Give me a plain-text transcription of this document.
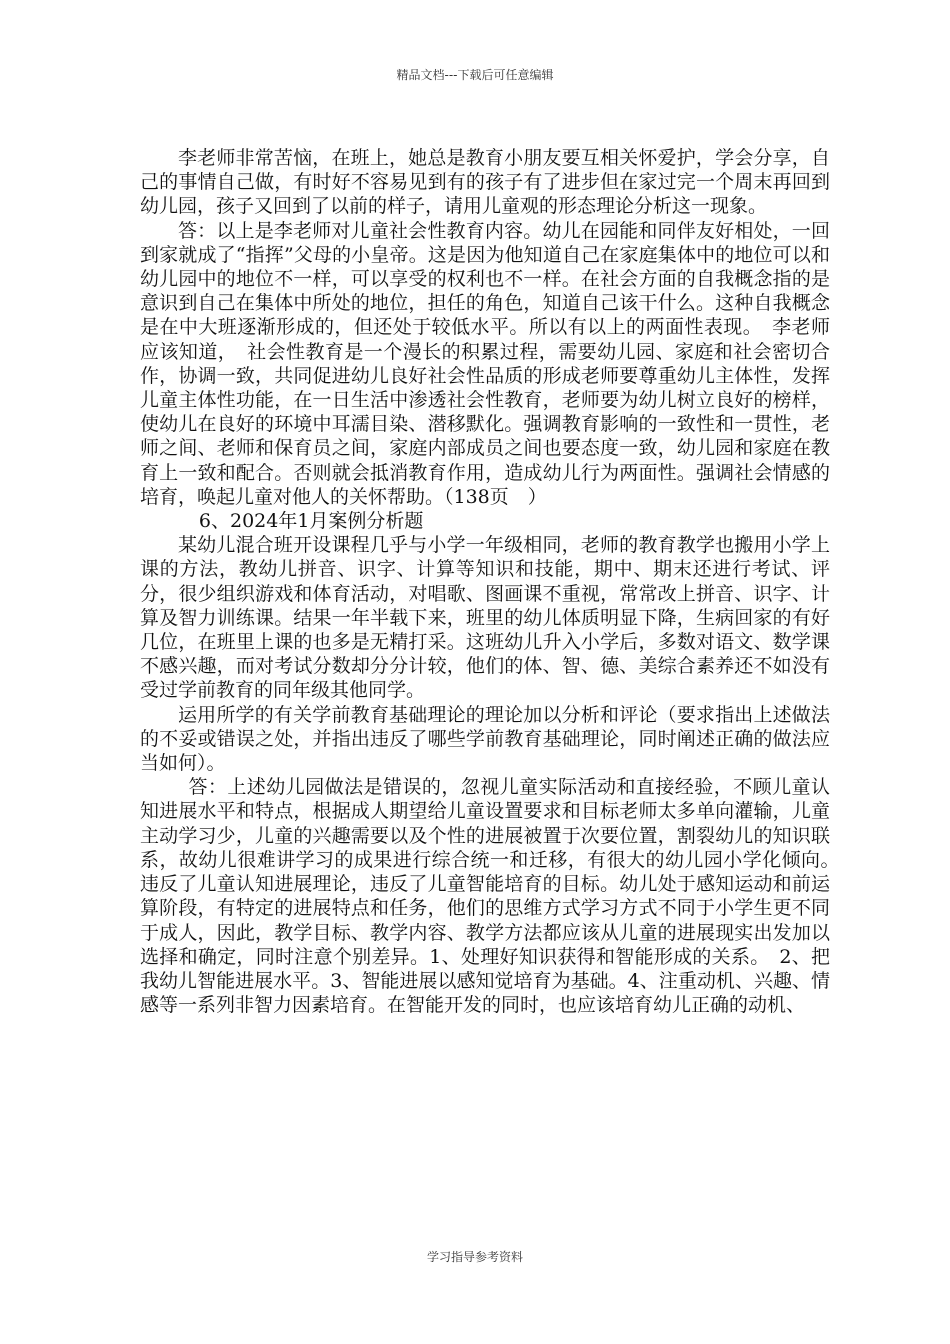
精品文档---下载后可任意编辑

李老师非常苦恼，在班上，她总是教育小朋友要互相关怀爱护，学会分享，自己的事情自己做，有时好不容易见到有的孩子有了进步但在家过完一个周末再回到幼儿园，孩子又回到了以前的样子，请用儿童观的形态理论分析这一现象。

答：以上是李老师对儿童社会性教育内容。幼儿在园能和同伴友好相处，一回到家就成了“指挥”父母的小皇帝。这是因为他知道自己在家庭集体中的地位可以和幼儿园中的地位不一样，可以享受的权利也不一样。在社会方面的自我概念指的是意识到自己在集体中所处的地位，担任的角色，知道自己该干什么。这种自我概念是在中大班逐渐形成的，但还处于较低水平。所以有以上的两面性表现。　李老师应该知道，　社会性教育是一个漫长的积累过程，需要幼儿园、家庭和社会密切合作，协调一致，共同促进幼儿良好社会性品质的形成老师要尊重幼儿主体性，发挥儿童主体性功能，在一日生活中渗透社会性教育，老师要为幼儿树立良好的榜样，使幼儿在良好的环境中耳濡目染、潜移默化。强调教育影响的一致性和一贯性，老师之间、老师和保育员之间，家庭内部成员之间也要态度一致，幼儿园和家庭在教育上一致和配合。否则就会抵消教育作用，造成幼儿行为两面性。强调社会情感的培育，唤起儿童对他人的关怀帮助。（138页　）

6、2024年1月案例分析题

某幼儿混合班开设课程几乎与小学一年级相同，老师的教育教学也搬用小学上课的方法，教幼儿拼音、识字、计算等知识和技能，期中、期末还进行考试、评分，很少组织游戏和体育活动，对唱歌、图画课不重视，常常改上拼音、识字、计算及智力训练课。结果一年半载下来，班里的幼儿体质明显下降，生病回家的有好几位，在班里上课的也多是无精打采。这班幼儿升入小学后，多数对语文、数学课不感兴趣，而对考试分数却分分计较，他们的体、智、德、美综合素养还不如没有受过学前教育的同年级其他同学。

运用所学的有关学前教育基础理论的理论加以分析和评论（要求指出上述做法的不妥或错误之处，并指出违反了哪些学前教育基础理论，同时阐述正确的做法应当如何）。

答：上述幼儿园做法是错误的，忽视儿童实际活动和直接经验，不顾儿童认知进展水平和特点，根据成人期望给儿童设置要求和目标老师太多单向灌输，儿童主动学习少，儿童的兴趣需要以及个性的进展被置于次要位置，割裂幼儿的知识联系，故幼儿很难讲学习的成果进行综合统一和迁移，有很大的幼儿园小学化倾向。　违反了儿童认知进展理论，违反了儿童智能培育的目标。幼儿处于感知运动和前运算阶段，有特定的进展特点和任务，他们的思维方式学习方式不同于小学生更不同于成人，因此，教学目标、教学内容、教学方法都应该从儿童的进展现实出发加以选择和确定，同时注意个别差异。1、处理好知识获得和智能形成的关系。　2、把我幼儿智能进展水平。3、智能进展以感知觉培育为基础。4、注重动机、兴趣、情感等一系列非智力因素培育。在智能开发的同时，也应该培育幼儿正确的动机、

学习指导参考资料
